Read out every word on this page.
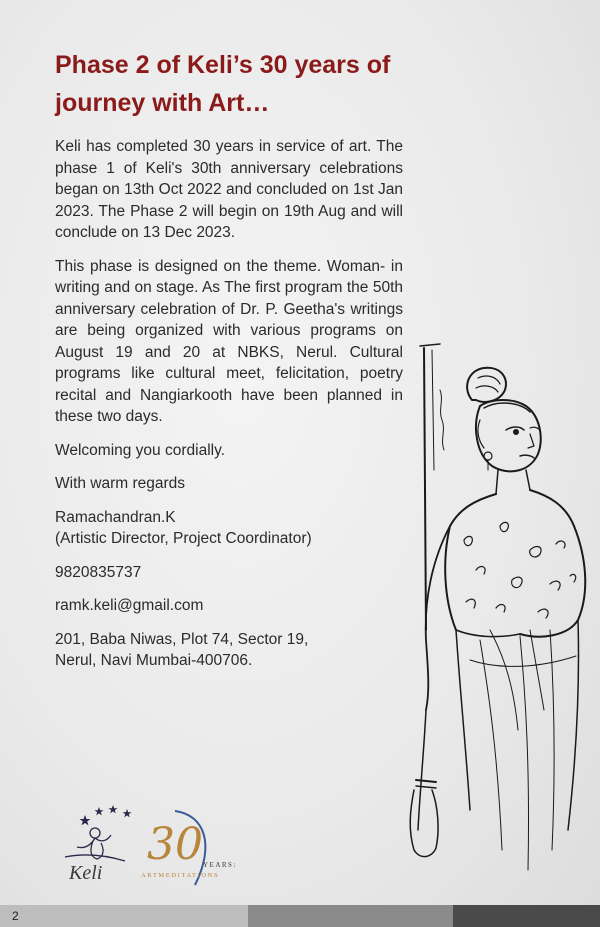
Phase 2 of Keli’s 30 years of
journey with Art…

Keli has completed 30 years in service of art. The phase 1 of Keli's 30th anniversary celebrations began on 13th Oct 2022 and concluded on 1st Jan 2023. The Phase 2 will begin on 19th Aug and will conclude on 13 Dec 2023.

This phase is designed on the theme. Woman- in writing and on stage. As The first program the 50th anniversary celebration of Dr. P. Geetha's writings are being organized with various programs on August 19 and 20 at NBKS, Nerul. Cultural programs like cultural meet, felicitation, poetry recital and Nangiarkooth have been planned in these two days.

Welcoming you cordially.

With warm regards

Ramachandran.K
(Artistic Director, Project Coordinator)

9820835737

ramk.keli@gmail.com

201, Baba Niwas, Plot 74, Sector 19,
Nerul, Navi Mumbai-400706.

30
Keli	YEARS:
ARTMEDITATIONS
2
